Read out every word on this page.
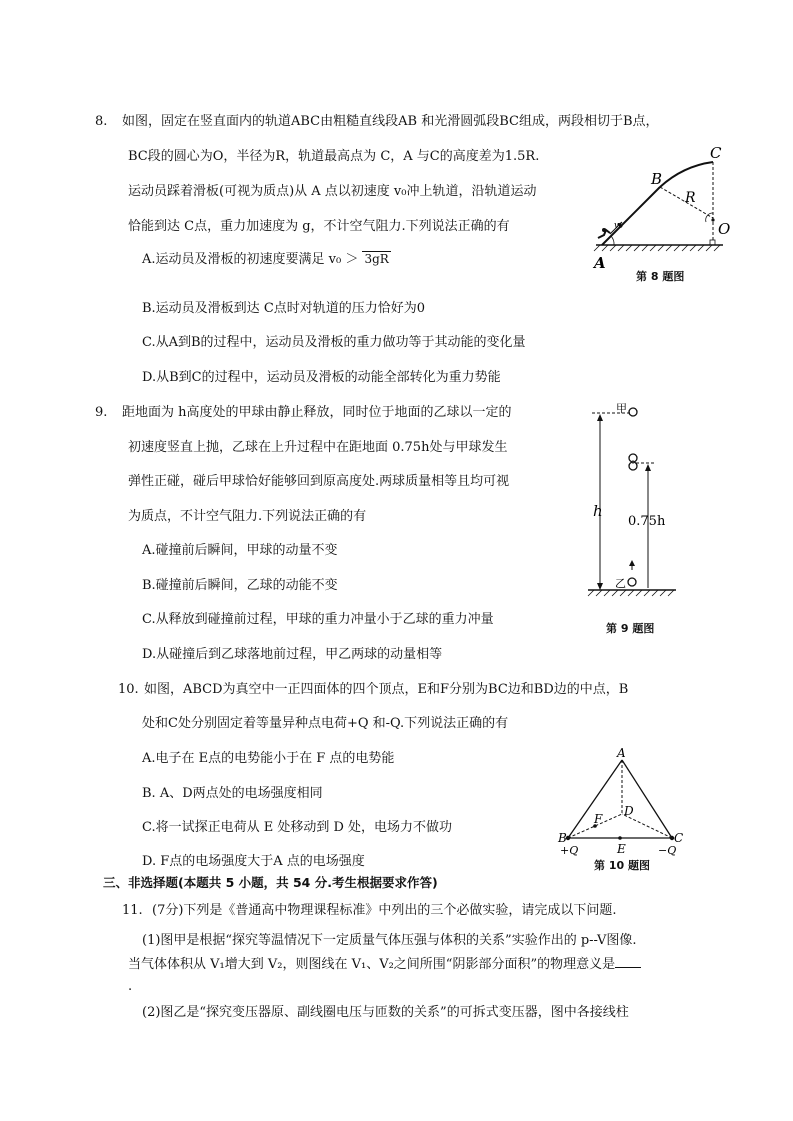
8. 如图，固定在竖直面内的轨道ABC由粗糙直线段AB 和光滑圆弧段BC组成，两段相切于B点，
BC段的圆心为O，半径为R，轨道最高点为 C，A 与C的高度差为1.5R.
运动员踩着滑板(可视为质点)从 A 点以初速度 v₀冲上轨道，沿轨道运动
恰能到达 C点，重力加速度为 g，不计空气阻力.下列说法正确的有
A.运动员及滑板的初速度要满足 v₀ ＞ 3gR
B.运动员及滑板到达 C点时对轨道的压力恰好为0
C.从A到B的过程中，运动员及滑板的重力做功等于其动能的变化量
D.从B到C的过程中，运动员及滑板的动能全部转化为重力势能
v₀
A
B
C
O
R
第 8 题图
9. 距地面为 h高度处的甲球由静止释放，同时位于地面的乙球以一定的
初速度竖直上抛，乙球在上升过程中在距地面 0.75h处与甲球发生
弹性正碰，碰后甲球恰好能够回到原高度处.两球质量相等且均可视
为质点，不计空气阻力.下列说法正确的有
A.碰撞前后瞬间，甲球的动量不变
B.碰撞前后瞬间，乙球的动能不变
C.从释放到碰撞前过程，甲球的重力冲量小于乙球的重力冲量
D.从碰撞后到乙球落地前过程，甲乙两球的动量相等
甲
h
0.75h
乙
第 9 题图
10. 如图，ABCD为真空中一正四面体的四个顶点，E和F分别为BC边和BD边的中点，B
处和C处分别固定着等量异种点电荷+Q 和-Q.下列说法正确的有
A.电子在 E点的电势能小于在 F 点的电势能
B. A、D两点处的电场强度相同
C.将一试探正电荷从 E 处移动到 D 处，电场力不做功
D. F点的电场强度大于A 点的电场强度
A
B	C
D
E
F
+Q	−Q
第 10 题图
三、非选择题(本题共 5 小题，共 54 分.考生根据要求作答)
11. (7分)下列是《普通高中物理课程标准》中列出的三个必做实验，请完成以下问题.
(1)图甲是根据“探究等温情况下一定质量气体压强与体积的关系”实验作出的 p--V图像.
当气体体积从 V₁增大到 V₂，则图线在 V₁、V₂之间所围“阴影部分面积”的物理意义是
.
(2)图乙是“探究变压器原、副线圈电压与匝数的关系”的可拆式变压器，图中各接线柱
